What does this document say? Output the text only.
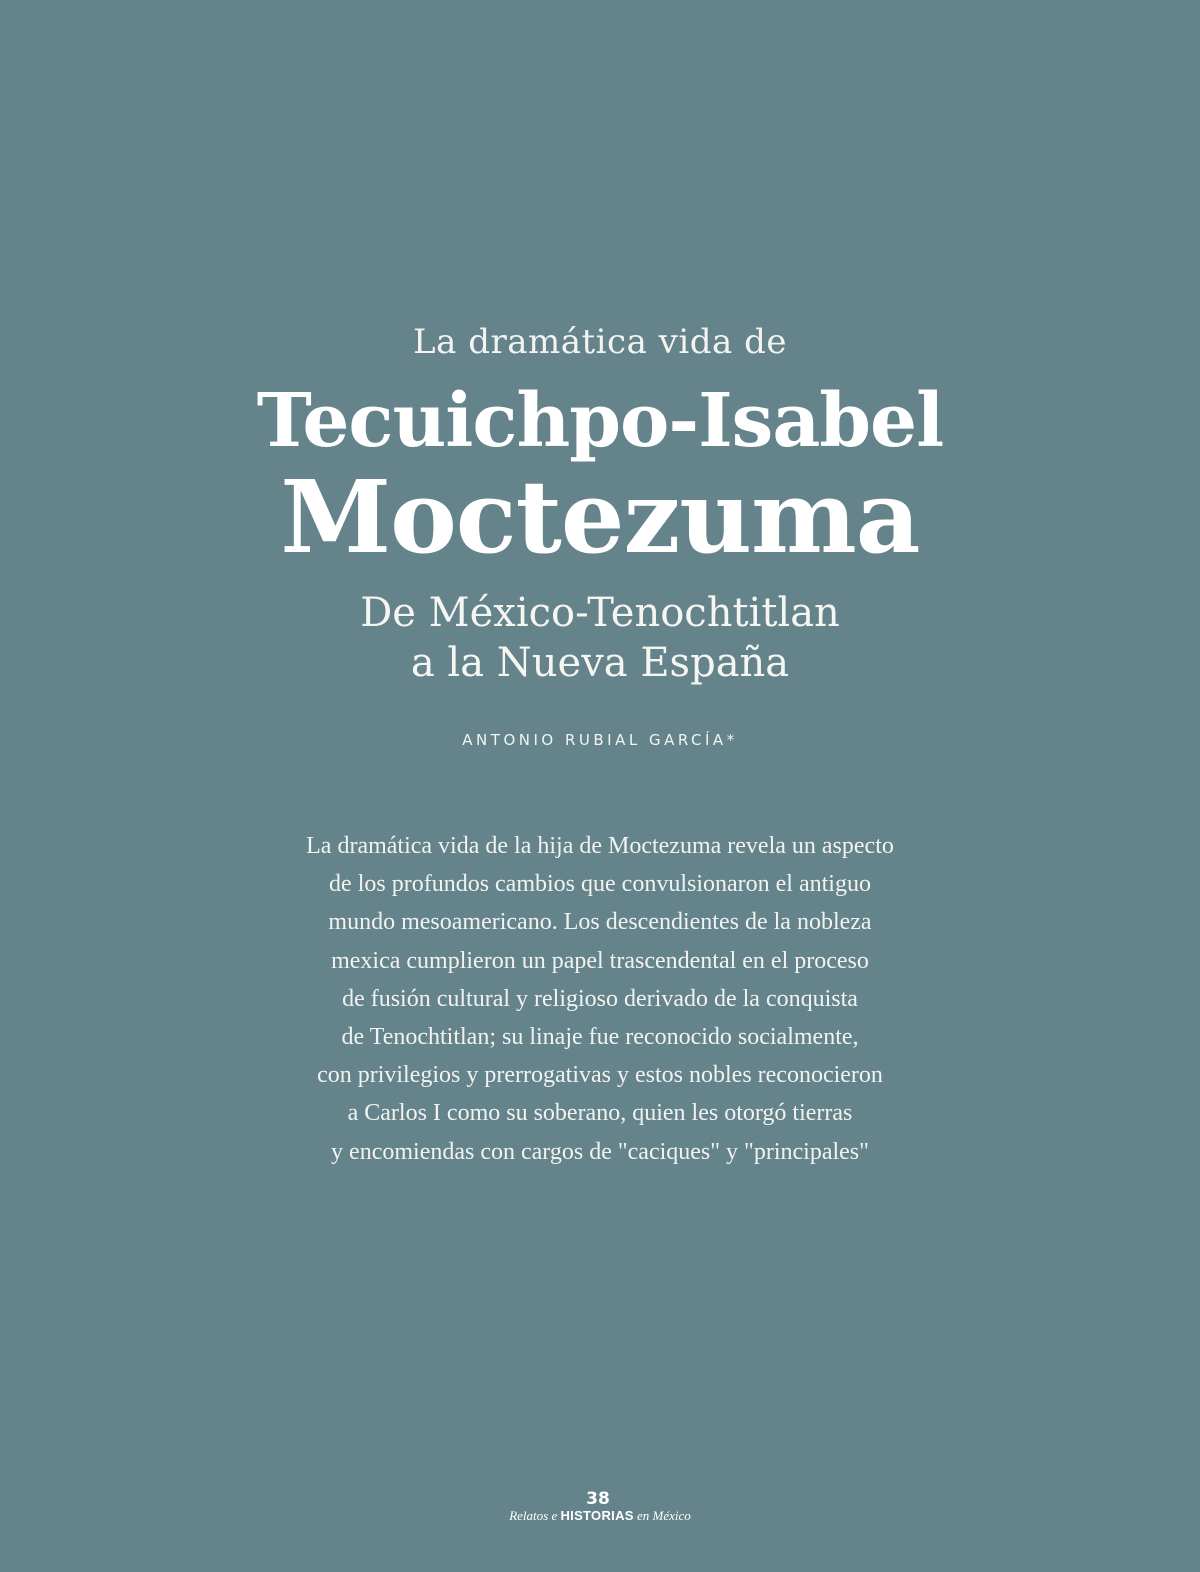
La dramática vida de
Tecuichpo-Isabel
Moctezuma
De México-Tenochtitlan
a la Nueva España
ANTONIO RUBIAL GARCÍA*
La dramática vida de la hija de Moctezuma revela un aspecto
de los profundos cambios que convulsionaron el antiguo
mundo mesoamericano. Los descendientes de la nobleza
mexica cumplieron un papel trascendental en el proceso
de fusión cultural y religioso derivado de la conquista
de Tenochtitlan; su linaje fue reconocido socialmente,
con privilegios y prerrogativas y estos nobles reconocieron
a Carlos I como su soberano, quien les otorgó tierras
y encomiendas con cargos de "caciques" y "principales"
38
Relatos e HISTORIAS en México
